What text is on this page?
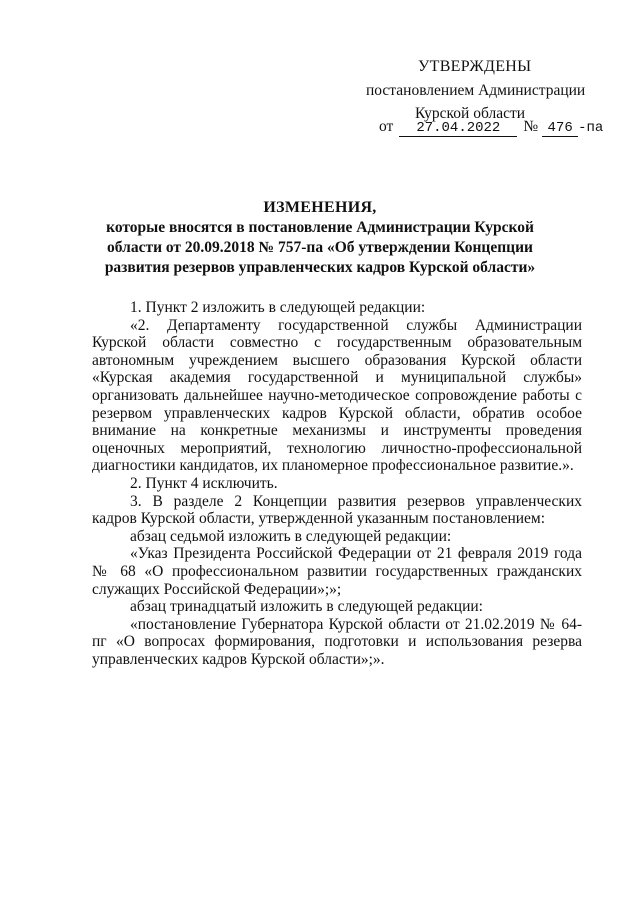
УТВЕРЖДЕНЫ
постановлением Администрации
Курской области
от	27.04.2022	№ 476 -па
ИЗМЕНЕНИЯ,
которые вносятся в постановление Администрации Курской области от 20.09.2018 № 757-па «Об утверждении Концепции развития резервов управленческих кадров Курской области»

1. Пункт 2 изложить в следующей редакции:

«2. Департаменту государственной службы Администрации Курской области совместно с государственным образовательным автономным учреждением высшего образования Курской области «Курская академия государственной и муниципальной службы» организовать дальнейшее научно-методическое сопровождение работы с резервом управленческих кадров Курской области, обратив особое внимание на конкретные механизмы и инструменты проведения оценочных мероприятий, технологию личностно-профессиональной диагностики кандидатов, их планомерное профессиональное развитие.».

2. Пункт 4 исключить.

3. В разделе 2 Концепции развития резервов управленческих кадров Курской области, утвержденной указанным постановлением:

абзац седьмой изложить в следующей редакции:

«Указ Президента Российской Федерации от 21 февраля 2019 года № 68 «О профессиональном развитии государственных гражданских служащих Российской Федерации»;»;

абзац тринадцатый изложить в следующей редакции:

«постановление Губернатора Курской области от 21.02.2019 № 64-пг «О вопросах формирования, подготовки и использования резерва управленческих кадров Курской области»;».
